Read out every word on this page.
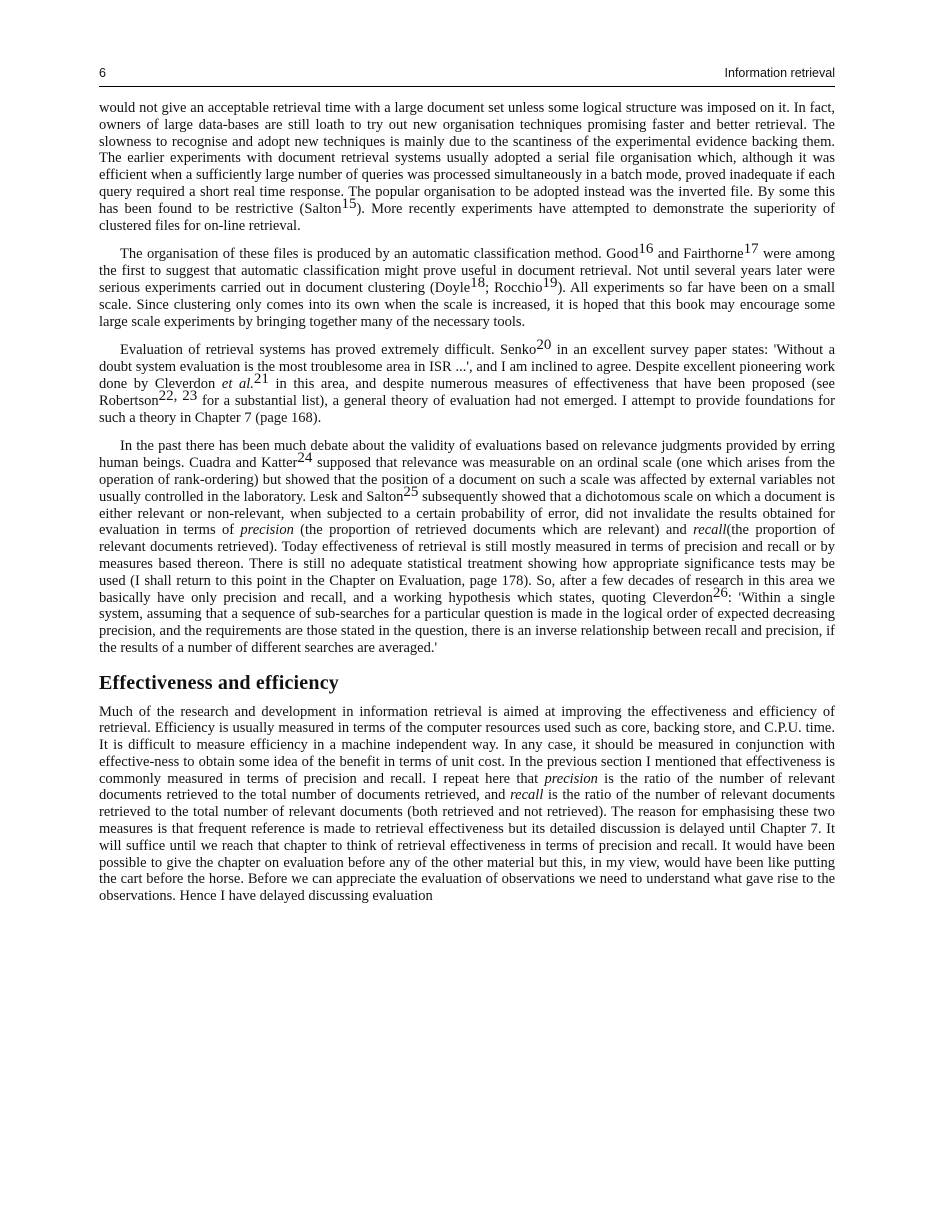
6	Information retrieval

would not give an acceptable retrieval time with a large document set unless some logical structure was imposed on it. In fact, owners of large data-bases are still loath to try out new organisation techniques promising faster and better retrieval. The slowness to recognise and adopt new techniques is mainly due to the scantiness of the experimental evidence backing them. The earlier experiments with document retrieval systems usually adopted a serial file organisation which, although it was efficient when a sufficiently large number of queries was processed simultaneously in a batch mode, proved inadequate if each query required a short real time response. The popular organisation to be adopted instead was the inverted file. By some this has been found to be restrictive (Salton$^{15}$). More recently experiments have attempted to demonstrate the superiority of clustered files for on-line retrieval.

The organisation of these files is produced by an automatic classification method. Good$^{16}$ and Fairthorne$^{17}$ were among the first to suggest that automatic classification might prove useful in document retrieval. Not until several years later were serious experiments carried out in document clustering (Doyle$^{18}$; Rocchio$^{19}$). All experiments so far have been on a small scale. Since clustering only comes into its own when the scale is increased, it is hoped that this book may encourage some large scale experiments by bringing together many of the necessary tools.

Evaluation of retrieval systems has proved extremely difficult. Senko$^{20}$ in an excellent survey paper states: 'Without a doubt system evaluation is the most troublesome area in ISR ...', and I am inclined to agree. Despite excellent pioneering work done by Cleverdon et al.$^{21}$ in this area, and despite numerous measures of effectiveness that have been proposed (see Robertson$^{22, 23}$ for a substantial list), a general theory of evaluation had not emerged. I attempt to provide foundations for such a theory in Chapter 7 (page 168).

In the past there has been much debate about the validity of evaluations based on relevance judgments provided by erring human beings. Cuadra and Katter$^{24}$ supposed that relevance was measurable on an ordinal scale (one which arises from the operation of rank-ordering) but showed that the position of a document on such a scale was affected by external variables not usually controlled in the laboratory. Lesk and Salton$^{25}$ subsequently showed that a dichotomous scale on which a document is either relevant or non-relevant, when subjected to a certain probability of error, did not invalidate the results obtained for evaluation in terms of precision (the proportion of retrieved documents which are relevant) and recall(the proportion of relevant documents retrieved). Today effectiveness of retrieval is still mostly measured in terms of precision and recall or by measures based thereon. There is still no adequate statistical treatment showing how appropriate significance tests may be used (I shall return to this point in the Chapter on Evaluation, page 178). So, after a few decades of research in this area we basically have only precision and recall, and a working hypothesis which states, quoting Cleverdon$^{26}$: 'Within a single system, assuming that a sequence of sub-searches for a particular question is made in the logical order of expected decreasing precision, and the requirements are those stated in the question, there is an inverse relationship between recall and precision, if the results of a number of different searches are averaged.'

Effectiveness and efficiency

Much of the research and development in information retrieval is aimed at improving the effectiveness and efficiency of retrieval. Efficiency is usually measured in terms of the computer resources used such as core, backing store, and C.P.U. time. It is difficult to measure efficiency in a machine independent way. In any case, it should be measured in conjunction with effective-ness to obtain some idea of the benefit in terms of unit cost. In the previous section I mentioned that effectiveness is commonly measured in terms of precision and recall. I repeat here that precision is the ratio of the number of relevant documents retrieved to the total number of documents retrieved, and recall is the ratio of the number of relevant documents retrieved to the total number of relevant documents (both retrieved and not retrieved). The reason for emphasising these two measures is that frequent reference is made to retrieval effectiveness but its detailed discussion is delayed until Chapter 7. It will suffice until we reach that chapter to think of retrieval effectiveness in terms of precision and recall. It would have been possible to give the chapter on evaluation before any of the other material but this, in my view, would have been like putting the cart before the horse. Before we can appreciate the evaluation of observations we need to understand what gave rise to the observations. Hence I have delayed discussing evaluation
